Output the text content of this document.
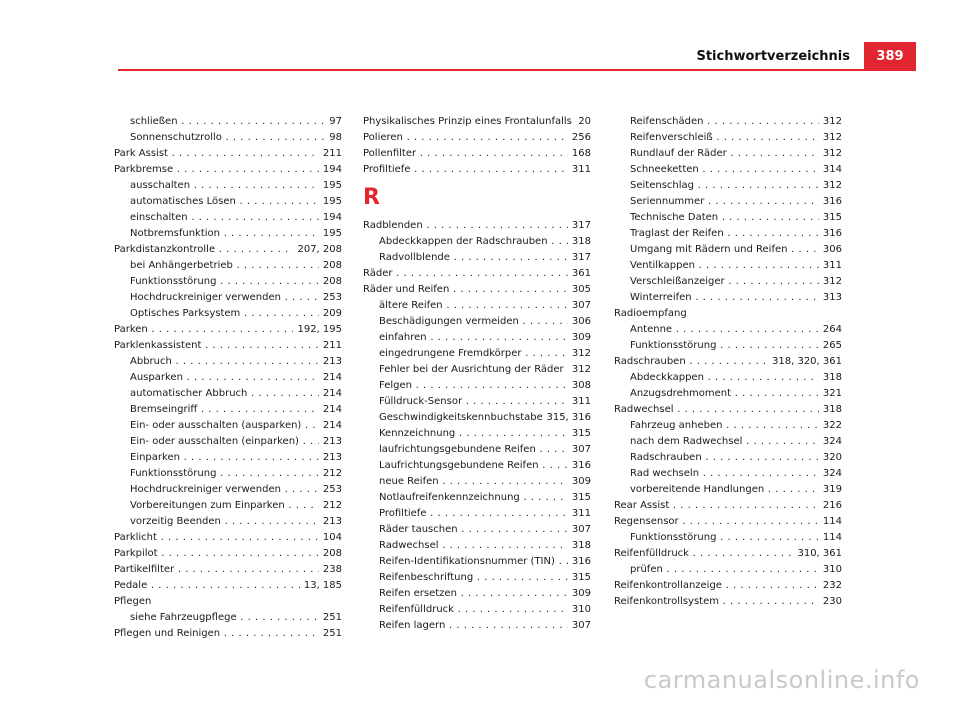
Stichwortverzeichnis	389
schließen . . .	97
Sonnenschutzrollo . . .	98
Park Assist . . .	211
Parkbremse . . .	194
ausschalten . . .	195
automatisches Lösen . . .	195
einschalten . . .	194
Notbremsfunktion . . .	195
Parkdistanzkontrolle . . .	207, 208
bei Anhängerbetrieb . . .	208
Funktionsstörung . . .	208
Hochdruckreiniger verwenden . . .	253
Optisches Parksystem . . .	209
Parken . . .	192, 195
Parklenkassistent . . .	211
Abbruch . . .	213
Ausparken . . .	214
automatischer Abbruch . . .	214
Bremseingriff . . .	214
Ein- oder ausschalten (ausparken) . . .	214
Ein- oder ausschalten (einparken) . . .	213
Einparken . . .	213
Funktionsstörung . . .	212
Hochdruckreiniger verwenden . . .	253
Vorbereitungen zum Einparken . . .	212
vorzeitig Beenden . . .	213
Parklicht . . .	104
Parkpilot . . .	208
Partikelfilter . . .	238
Pedale . . .	13, 185
Pflegen
siehe Fahrzeugpflege . . .	251
Pflegen und Reinigen . . .	251
Physikalisches Prinzip eines Frontalunfalls . . . 20
Polieren . . .	256
Pollenfilter . . .	168
Profiltiefe . . .	311
R
Radblenden . . .	317
Abdeckkappen der Radschrauben . . .	318
Radvollblende . . .	317
Räder . . .	361
Räder und Reifen . . .	305
ältere Reifen . . .	307
Beschädigungen vermeiden . . .	306
einfahren . . .	309
eingedrungene Fremdkörper . . .	312
Fehler bei der Ausrichtung der Räder . . . 312
Felgen . . .	308
Fülldruck-Sensor . . .	311
Geschwindigkeitskennbuchstabe . . . 315, 316
Kennzeichnung . . .	315
laufrichtungsgebundene Reifen . . .	307
Laufrichtungsgebundene Reifen . . .	316
neue Reifen . . .	309
Notlaufreifenkennzeichnung . . .	315
Profiltiefe . . .	311
Räder tauschen . . .	307
Radwechsel . . .	318
Reifen-Identifikationsnummer (TIN) . . .	316
Reifenbeschriftung . . .	315
Reifen ersetzen . . .	309
Reifenfülldruck . . .	310
Reifen lagern . . .	307
Reifenschäden . . .	312
Reifenverschleiß . . .	312
Rundlauf der Räder . . .	312
Schneeketten . . .	314
Seitenschlag . . .	312
Seriennummer . . .	316
Technische Daten . . .	315
Traglast der Reifen . . .	316
Umgang mit Rädern und Reifen . . .	306
Ventilkappen . . .	311
Verschleißanzeiger . . .	312
Winterreifen . . .	313
Radioempfang
Antenne . . .	264
Funktionsstörung . . .	265
Radschrauben . . .	318, 320, 361
Abdeckkappen . . .	318
Anzugsdrehmoment . . .	321
Radwechsel . . .	318
Fahrzeug anheben . . .	322
nach dem Radwechsel . . .	324
Radschrauben . . .	320
Rad wechseln . . .	324
vorbereitende Handlungen . . .	319
Rear Assist . . .	216
Regensensor . . .	114
Funktionsstörung . . .	114
Reifenfülldruck . . .	310, 361
prüfen . . .	310
Reifenkontrollanzeige . . .	232
Reifenkontrollsystem . . .	230
carmanualsonline.info
